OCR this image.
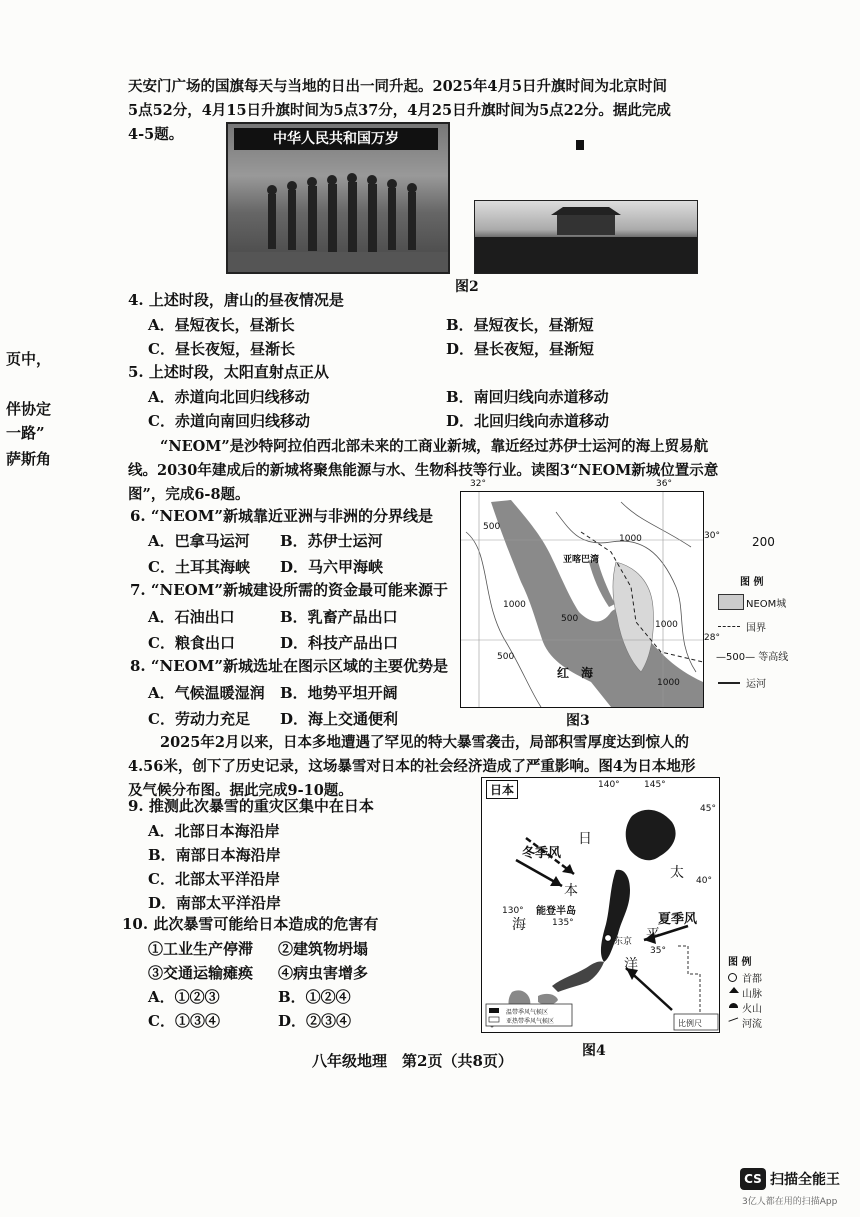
天安门广场的国旗每天与当地的日出一同升起。2025年4月5日升旗时间为北京时间
5点52分，4月15日升旗时间为5点37分，4月25日升旗时间为5点22分。据此完成
4-5题。	中华人民共和国万岁
图2
4. 上述时段，唐山的昼夜情况是
A．昼短夜长，昼渐长	B．昼短夜长，昼渐短
C．昼长夜短，昼渐长	D．昼长夜短，昼渐短
5. 上述时段，太阳直射点正从
A．赤道向北回归线移动	B．南回归线向赤道移动
C．赤道向南回归线移动	D．北回归线向赤道移动
页中，
伴协定
一路”
萨斯角
“NEOM”是沙特阿拉伯西北部未来的工商业新城，靠近经过苏伊士运河的海上贸易航
线。2030年建成后的新城将聚焦能源与水、生物科技等行业。读图3“NEOM新城位置示意
图”，完成6-8题。
6. “NEOM”新城靠近亚洲与非洲的分界线是
A．巴拿马运河 B．苏伊士运河
C．土耳其海峡 D．马六甲海峡
7. “NEOM”新城建设所需的资金最可能来源于
A．石油出口	B．乳畜产品出口
C．粮食出口	D．科技产品出口
8. “NEOM”新城选址在图示区域的主要优势是
A．气候温暖湿润 B．地势平坦开阔
C．劳动力充足 D．海上交通便利
32°	36°
亚喀巴湾
红　海
1000
500
1000
1000
500
1000
500
30°
28°
200
图 例
NEOM城
国界
—500— 等高线
运河
图3
2025年2月以来，日本多地遭遇了罕见的特大暴雪袭击，局部积雪厚度达到惊人的
4.56米，创下了历史记录，这场暴雪对日本的社会经济造成了严重影响。图4为日本地形
及气候分布图。据此完成9-10题。
9. 推测此次暴雪的重灾区集中在日本
A．北部日本海沿岸
B．南部日本海沿岸
C．北部太平洋沿岸
D．南部太平洋沿岸
10. 此次暴雪可能给日本造成的危害有
①工业生产停滞 ②建筑物坍塌
③交通运输瘫痪 ④病虫害增多
A．①②③	B．①②④
C．①③④	D．②③④
日本	140°	145°
45°
40°
35°
130°
135°
冬季风
夏季风
日
本
海
太
平
洋
能登半岛
东京
温带季风气候区
亚热带季风气候区	比例尺
图 例
首都
山脉
火山
河流
图4
八年级地理　第2页（共8页）
CS 扫描全能王
3亿人都在用的扫描App
